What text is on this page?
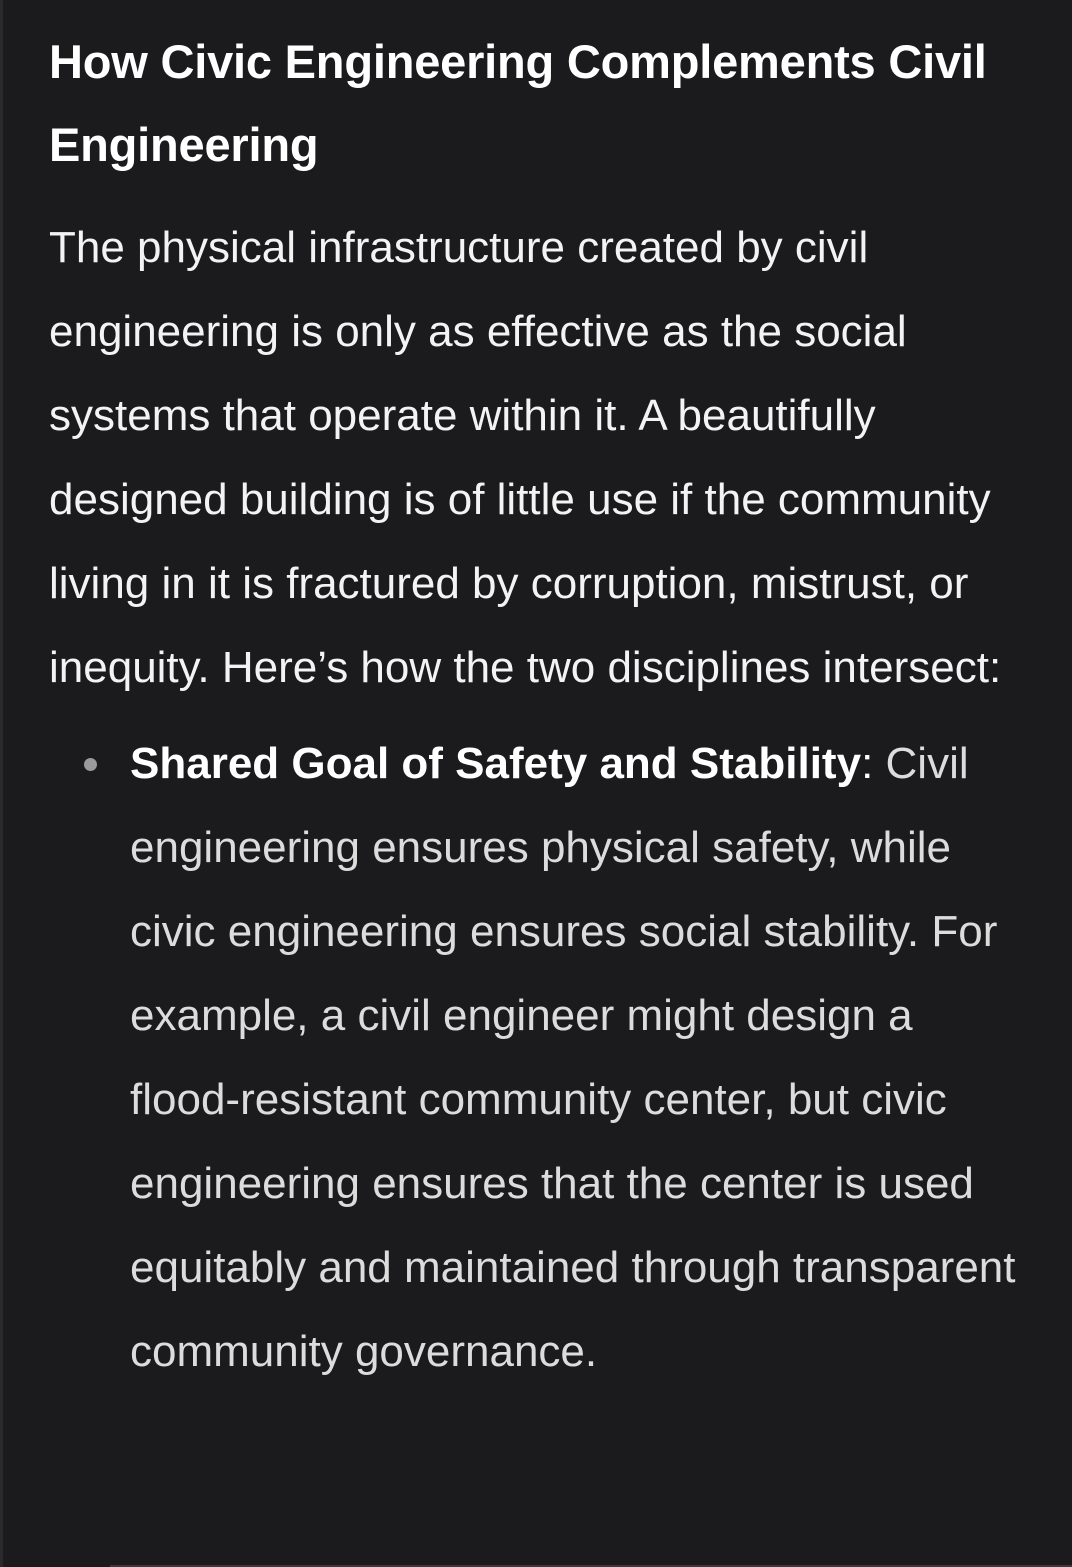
How Civic Engineering Complements Civil Engineering

The physical infrastructure created by civil engineering is only as effective as the social systems that operate within it. A beautifully designed building is of little use if the community living in it is fractured by corruption, mistrust, or inequity. Here’s how the two disciplines intersect:

Shared Goal of Safety and Stability: Civil engineering ensures physical safety, while civic engineering ensures social stability. For example, a civil engineer might design a flood-resistant community center, but civic engineering ensures that the center is used equitably and maintained through transparent community governance.
